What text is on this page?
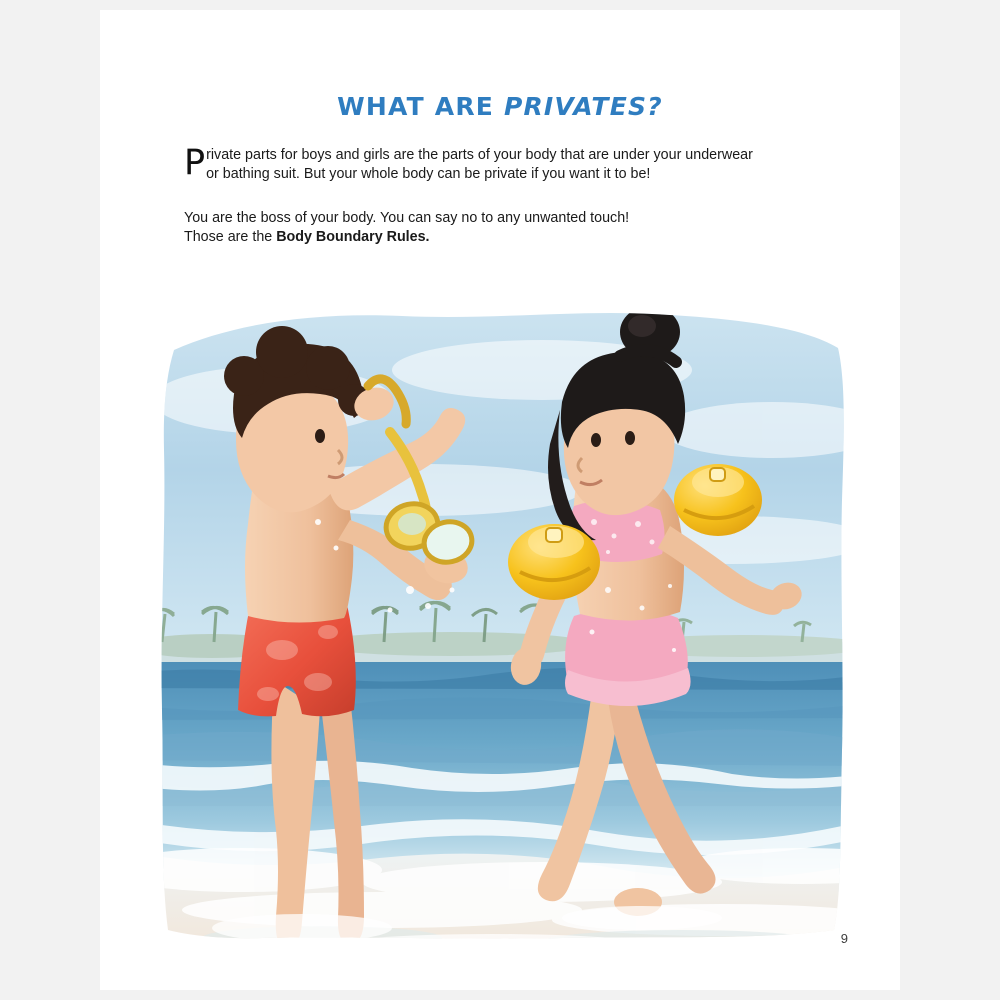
WHAT ARE PRIVATES?
P rivate parts for boys and girls are the parts of your body that are under your underwear
or bathing suit. But your whole body can be private if you want it to be!
You are the boss of your body. You can say no to any unwanted touch!
Those are the Body Boundary Rules.
9
